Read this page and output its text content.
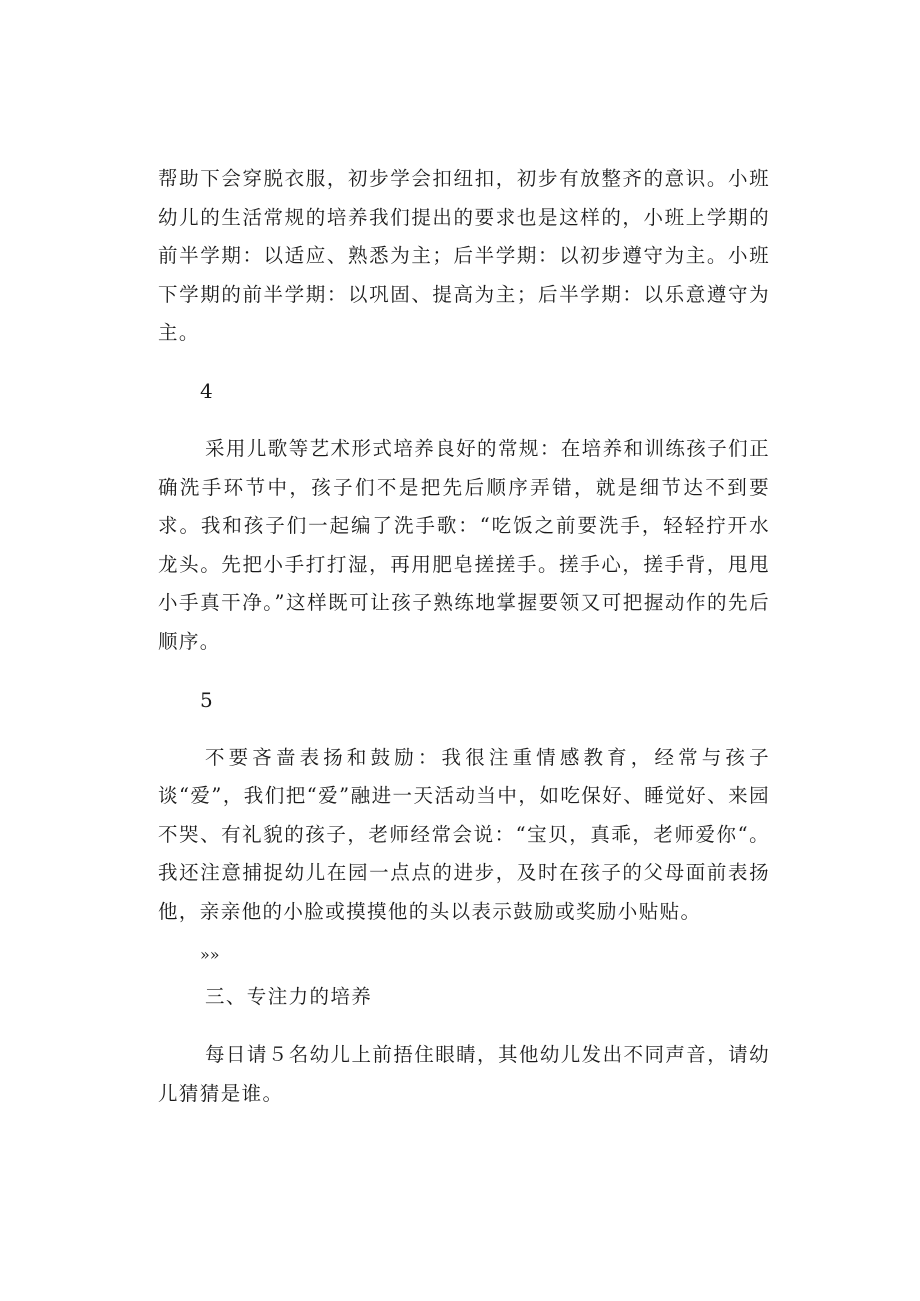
帮助下会穿脱衣服，初步学会扣纽扣，初步有放整齐的意识。小班幼儿的生活常规的培养我们提出的要求也是这样的，小班上学期的前半学期：以适应、熟悉为主；后半学期：以初步遵守为主。小班下学期的前半学期：以巩固、提高为主；后半学期：以乐意遵守为主。

4

采用儿歌等艺术形式培养良好的常规：在培养和训练孩子们正确洗手环节中，孩子们不是把先后顺序弄错，就是细节达不到要求。我和孩子们一起编了洗手歌：“吃饭之前要洗手，轻轻拧开水龙头。先把小手打打湿，再用肥皂搓搓手。搓手心，搓手背，甩甩小手真干净。”这样既可让孩子熟练地掌握要领又可把握动作的先后顺序。

5

不要吝啬表扬和鼓励：我很注重情感教育，经常与孩子谈“爱”，我们把“爱”融进一天活动当中，如吃保好、睡觉好、来园不哭、有礼貌的孩子，老师经常会说：“宝贝，真乖，老师爱你“。我还注意捕捉幼儿在园一点点的进步，及时在孩子的父母面前表扬他，亲亲他的小脸或摸摸他的头以表示鼓励或奖励小贴贴。

»»

三、专注力的培养

每日请５名幼儿上前捂住眼睛，其他幼儿发出不同声音，请幼儿猜猜是谁。
